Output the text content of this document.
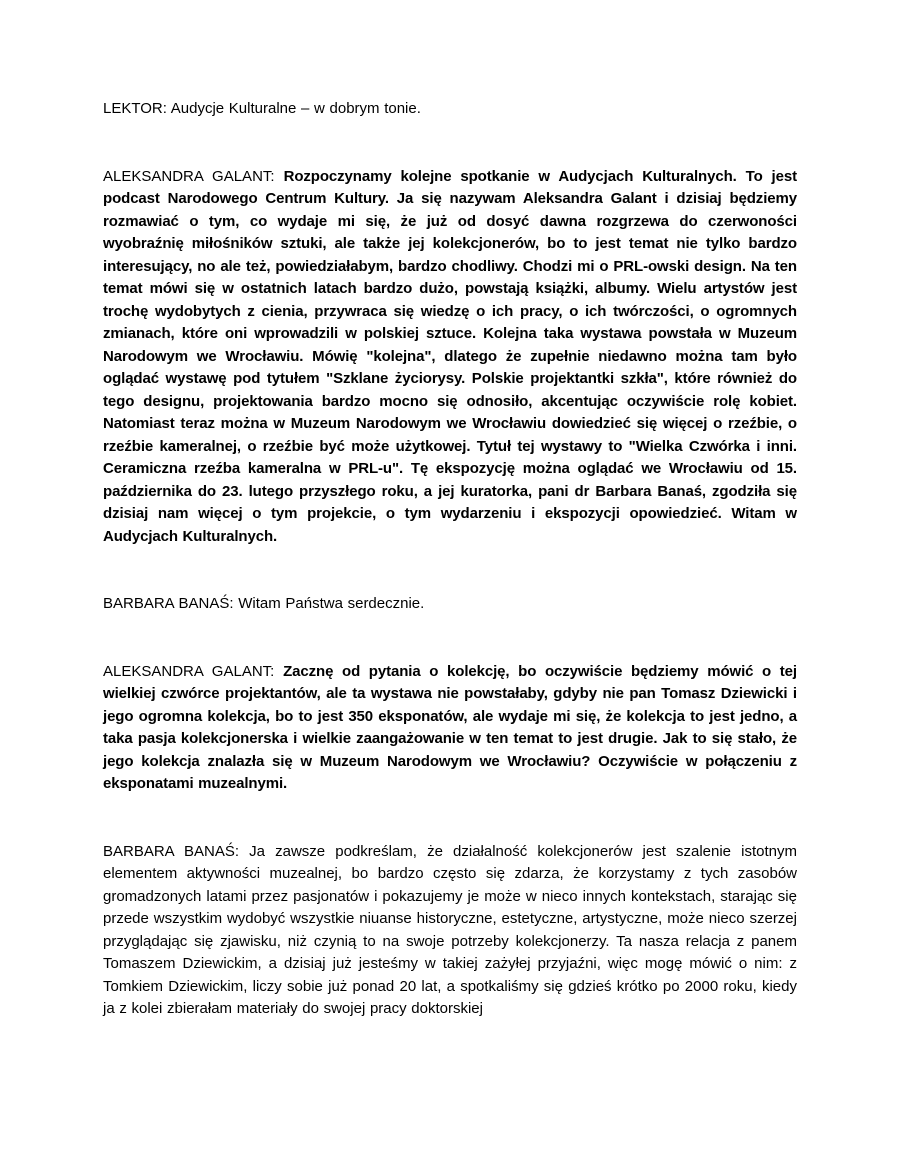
LEKTOR: Audycje Kulturalne – w dobrym tonie.

ALEKSANDRA GALANT: Rozpoczynamy kolejne spotkanie w Audycjach Kulturalnych. To jest podcast Narodowego Centrum Kultury. Ja się nazywam Aleksandra Galant i dzisiaj będziemy rozmawiać o tym, co wydaje mi się, że już od dosyć dawna rozgrzewa do czerwoności wyobraźnię miłośników sztuki, ale także jej kolekcjonerów, bo to jest temat nie tylko bardzo interesujący, no ale też, powiedziałabym, bardzo chodliwy. Chodzi mi o PRL-owski design. Na ten temat mówi się w ostatnich latach bardzo dużo, powstają książki, albumy. Wielu artystów jest trochę wydobytych z cienia, przywraca się wiedzę o ich pracy, o ich twórczości, o ogromnych zmianach, które oni wprowadzili w polskiej sztuce. Kolejna taka wystawa powstała w Muzeum Narodowym we Wrocławiu. Mówię "kolejna", dlatego że zupełnie niedawno można tam było oglądać wystawę pod tytułem "Szklane życiorysy. Polskie projektantki szkła", które również do tego designu, projektowania bardzo mocno się odnosiło, akcentując oczywiście rolę kobiet. Natomiast teraz można w Muzeum Narodowym we Wrocławiu dowiedzieć się więcej o rzeźbie, o rzeźbie kameralnej, o rzeźbie być może użytkowej. Tytuł tej wystawy to "Wielka Czwórka i inni. Ceramiczna rzeźba kameralna w PRL-u". Tę ekspozycję można oglądać we Wrocławiu od 15. października do 23. lutego przyszłego roku, a jej kuratorka, pani dr Barbara Banaś, zgodziła się dzisiaj nam więcej o tym projekcie, o tym wydarzeniu i ekspozycji opowiedzieć. Witam w Audycjach Kulturalnych.

BARBARA BANAŚ: Witam Państwa serdecznie.

ALEKSANDRA GALANT: Zacznę od pytania o kolekcję, bo oczywiście będziemy mówić o tej wielkiej czwórce projektantów, ale ta wystawa nie powstałaby, gdyby nie pan Tomasz Dziewicki i jego ogromna kolekcja, bo to jest 350 eksponatów, ale wydaje mi się, że kolekcja to jest jedno, a taka pasja kolekcjonerska i wielkie zaangażowanie w ten temat to jest drugie. Jak to się stało, że jego kolekcja znalazła się w Muzeum Narodowym we Wrocławiu? Oczywiście w połączeniu z eksponatami muzealnymi.

BARBARA BANAŚ: Ja zawsze podkreślam, że działalność kolekcjonerów jest szalenie istotnym elementem aktywności muzealnej, bo bardzo często się zdarza, że korzystamy z tych zasobów gromadzonych latami przez pasjonatów i pokazujemy je może w nieco innych kontekstach, starając się przede wszystkim wydobyć wszystkie niuanse historyczne, estetyczne, artystyczne, może nieco szerzej przyglądając się zjawisku, niż czynią to na swoje potrzeby kolekcjonerzy. Ta nasza relacja z panem Tomaszem Dziewickim, a dzisiaj już jesteśmy w takiej zażyłej przyjaźni, więc mogę mówić o nim: z Tomkiem Dziewickim, liczy sobie już ponad 20 lat, a spotkaliśmy się gdzieś krótko po 2000 roku, kiedy ja z kolei zbierałam materiały do swojej pracy doktorskiej
